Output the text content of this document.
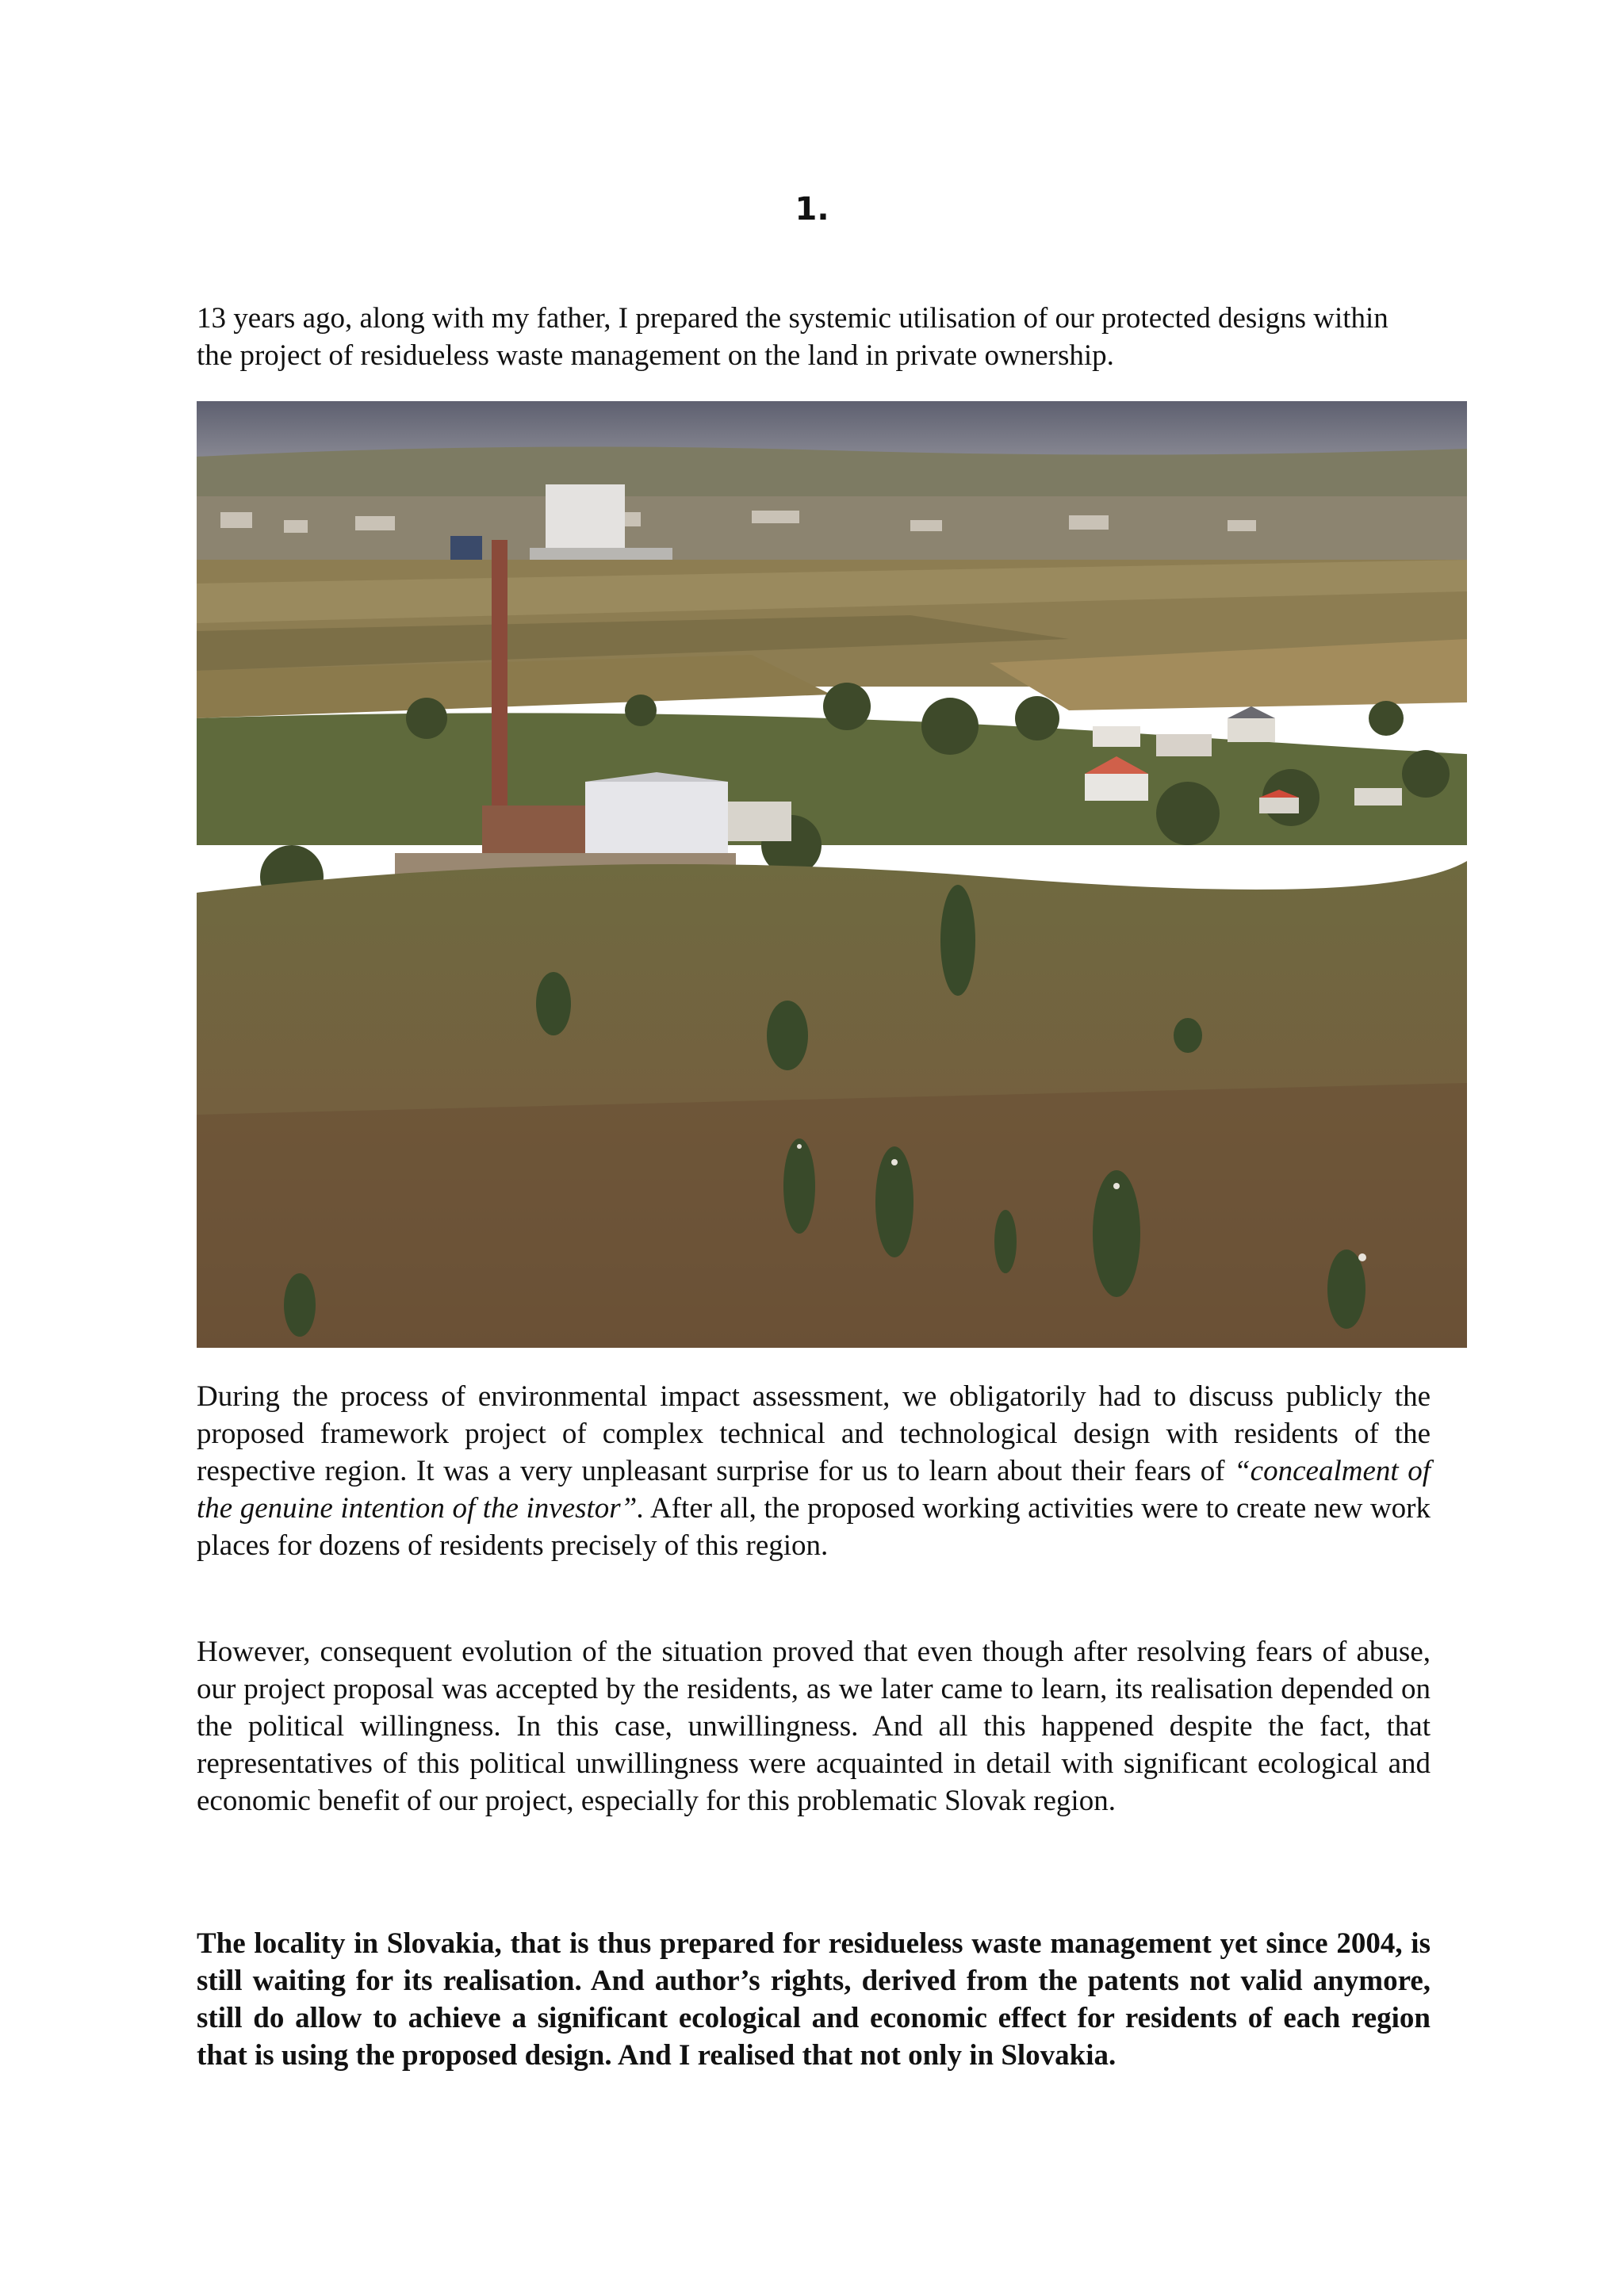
1.

13 years ago, along with my father, I prepared the systemic utilisation of our protected designs within the project of residueless waste management on the land in private ownership.

During the process of environmental impact assessment, we obligatorily had to discuss publicly the proposed framework project of complex technical and technological design with residents of the respective region. It was a very unpleasant surprise for us to learn about their fears of “concealment of the genuine intention of the investor”. After all, the proposed working activities were to create new work places for dozens of residents precisely of this region.

However, consequent evolution of the situation proved that even though after resolving fears of abuse, our project proposal was accepted by the residents, as we later came to learn, its realisation depended on the political willingness. In this case, unwillingness. And all this happened despite the fact, that representatives of this political unwillingness were acquainted in detail with significant ecological and economic benefit of our project, especially for this problematic Slovak region.

The locality in Slovakia, that is thus prepared for residueless waste management yet since 2004, is still waiting for its realisation. And author’s rights, derived from the patents not valid anymore, still do allow to achieve a significant ecological and economic effect for residents of each region that is using the proposed design. And I realised that not only in Slovakia.
